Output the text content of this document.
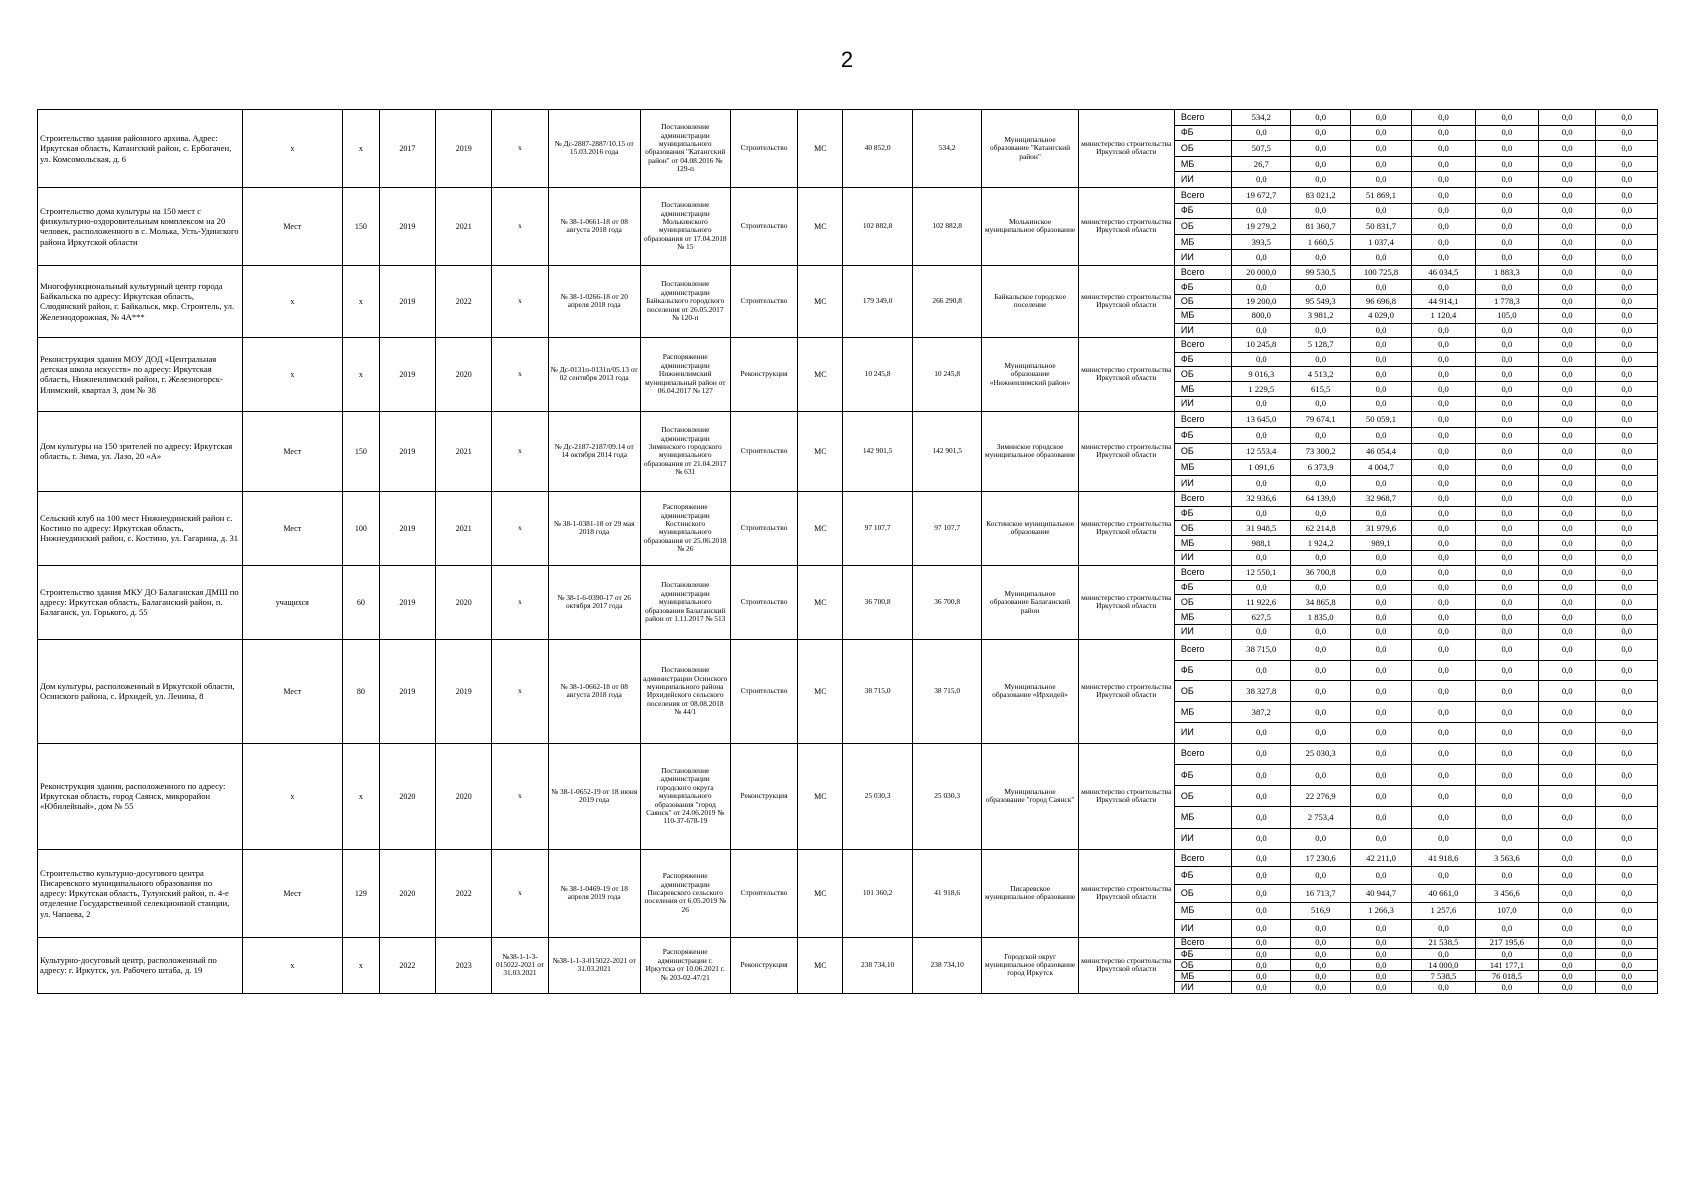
2
Строительство здания районного архива. Адрес: Иркутская область, Катангский район, с. Ербогачен, ул. Комсомольская, д. 6	x	x	2017	2019	x	№ Дс-2887-2887/10.15 от 15.03.2016 года	Постановление администрации муниципального образования "Катангский район" от 04.08.2016 № 129-п	Строительство	МС	40 852,0	534,2	Муниципальное образование "Катангский район"	министерство строительства Иркутской области	Всего	534,2	0,0	0,0	0,0	0,0	0,0	0,0
														ФБ	0,0	0,0	0,0	0,0	0,0	0,0	0,0
														ОБ	507,5	0,0	0,0	0,0	0,0	0,0	0,0
														МБ	26,7	0,0	0,0	0,0	0,0	0,0	0,0
														ИИ	0,0	0,0	0,0	0,0	0,0	0,0	0,0
Строительство дома культуры на 150 мест с физкультурно-оздоровительным комплексом на 20 человек, расположенного в с. Молька, Усть-Удинского района Иркутской области	Мест	150	2019	2021	x	№ 38-1-0661-18 от 08 августа 2018 года	Постановление администрации Молькинского муниципального образования от 17.04.2018 № 15	Строительство	МС	102 882,8	102 882,8	Молькинское муниципальное образование	министерство строительства Иркутской области	Всего	19 672,7	83 021,2	51 869,1	0,0	0,0	0,0	0,0
														ФБ	0,0	0,0	0,0	0,0	0,0	0,0	0,0
														ОБ	19 279,2	81 360,7	50 831,7	0,0	0,0	0,0	0,0
														МБ	393,5	1 660,5	1 037,4	0,0	0,0	0,0	0,0
														ИИ	0,0	0,0	0,0	0,0	0,0	0,0	0,0
Многофункциональный культурный центр города Байкальска по адресу: Иркутская область, Слюдянский район, г. Байкальск, мкр. Строитель, ул. Железнодорожная, № 4А***	x	x	2019	2022	x	№ 38-1-0266-18 от 20 апреля 2018 года	Постановление администрации Байкальского городского поселения от 26.05.2017 № 120-п	Строительство	МС	179 349,0	266 290,8	Байкальское городское поселение	министерство строительства Иркутской области	Всего	20 000,0	99 530,5	100 725,8	46 034,5	1 883,3	0,0	0,0
														ФБ	0,0	0,0	0,0	0,0	0,0	0,0	0,0
														ОБ	19 200,0	95 549,3	96 696,8	44 914,1	1 778,3	0,0	0,0
														МБ	800,0	3 981,2	4 029,0	1 120,4	105,0	0,0	0,0
														ИИ	0,0	0,0	0,0	0,0	0,0	0,0	0,0
Реконструкция здания МОУ ДОД «Центральная детская школа искусств» по адресу: Иркутская область, Нижнеилимский район, г. Железногорск-Илимский, квартал 3, дом № 38	x	x	2019	2020	x	№ Дс-0131п-0131п/05.13 от 02 сентября 2013 года	Распоряжение администрации Нижнеилимский муниципальный район от 06.04.2017 № 127	Реконструкция	МС	10 245,8	10 245,8	Муниципальное образование «Нижнеилимский район»	министерство строительства Иркутской области	Всего	10 245,8	5 128,7	0,0	0,0	0,0	0,0	0,0
														ФБ	0,0	0,0	0,0	0,0	0,0	0,0	0,0
														ОБ	9 016,3	4 513,2	0,0	0,0	0,0	0,0	0,0
														МБ	1 229,5	615,5	0,0	0,0	0,0	0,0	0,0
														ИИ	0,0	0,0	0,0	0,0	0,0	0,0	0,0
Дом культуры на 150 зрителей по адресу: Иркутская область, г. Зима, ул. Лазо, 20 «А»	Мест	150	2019	2021	x	№ Дс-2187-2187/09.14 от 14 октября 2014 года	Постановление администрации Зиминского городского муниципального образования от 21.04.2017 № 631	Строительство	МС	142 901,5	142 901,5	Зиминское городское муниципальное образование	министерство строительства Иркутской области	Всего	13 645,0	79 674,1	50 059,1	0,0	0,0	0,0	0,0
														ФБ	0,0	0,0	0,0	0,0	0,0	0,0	0,0
														ОБ	12 553,4	73 300,2	46 054,4	0,0	0,0	0,0	0,0
														МБ	1 091,6	6 373,9	4 004,7	0,0	0,0	0,0	0,0
														ИИ	0,0	0,0	0,0	0,0	0,0	0,0	0,0
Сельский клуб на 100 мест Нижнеудинский район с. Костино по адресу: Иркутская область, Нижнеудинский район, с. Костино, ул. Гагарина, д. 31	Мест	100	2019	2021	x	№ 38-1-0381-18 от 29 мая 2018 года	Распоряжение администрации Костинского муниципального образования от 25.06.2018 № 26	Строительство	МС	97 107,7	97 107,7	Костинское муниципальное образование	министерство строительства Иркутской области	Всего	32 936,6	64 139,0	32 968,7	0,0	0,0	0,0	0,0
														ФБ	0,0	0,0	0,0	0,0	0,0	0,0	0,0
														ОБ	31 948,5	62 214,8	31 979,6	0,0	0,0	0,0	0,0
														МБ	988,1	1 924,2	989,1	0,0	0,0	0,0	0,0
														ИИ	0,0	0,0	0,0	0,0	0,0	0,0	0,0
Строительство здания МКУ ДО Балаганская ДМШ по адресу: Иркутская область, Балаганский район, п. Балаганск, ул. Горького, д. 55	учащихся	60	2019	2020	x	№ 38-1-6-0390-17 от 26 октября 2017 года	Постановление администрации муниципального образования Балаганский район от 1.11.2017 № 513	Строительство	МС	36 700,8	36 700,8	Муниципальное образование Балаганский район	министерство строительства Иркутской области	Всего	12 550,1	36 700,8	0,0	0,0	0,0	0,0	0,0
														ФБ	0,0	0,0	0,0	0,0	0,0	0,0	0,0
														ОБ	11 922,6	34 865,8	0,0	0,0	0,0	0,0	0,0
														МБ	627,5	1 835,0	0,0	0,0	0,0	0,0	0,0
														ИИ	0,0	0,0	0,0	0,0	0,0	0,0	0,0
Дом культуры, расположенный в Иркутской области, Осинского района, с. Ирхидей, ул. Ленина, 8	Мест	80	2019	2019	x	№ 38-1-0662-18 от 08 августа 2018 года	Постановление администрации Осинского муниципального района Ирхидейского сельского поселения от 08.08.2018 № 44/1	Строительство	МС	38 715,0	38 715,0	Муниципальное образование «Ирхидей»	министерство строительства Иркутской области	Всего	38 715,0	0,0	0,0	0,0	0,0	0,0	0,0
														ФБ	0,0	0,0	0,0	0,0	0,0	0,0	0,0
														ОБ	38 327,8	0,0	0,0	0,0	0,0	0,0	0,0
														МБ	387,2	0,0	0,0	0,0	0,0	0,0	0,0
														ИИ	0,0	0,0	0,0	0,0	0,0	0,0	0,0
Реконструкция здания, расположенного по адресу: Иркутская область, город Саянск, микрорайон «Юбилейный», дом № 55	x	x	2020	2020	x	№ 38-1-0652-19 от 18 июня 2019 года	Постановление администрации городского округа муниципального образования "город Саянск" от 24.06.2019 № 110-37-678-19	Реконструкция	МС	25 030,3	25 030,3	Муниципальное образование "город Саянск"	министерство строительства Иркутской области	Всего	0,0	25 030,3	0,0	0,0	0,0	0,0	0,0
														ФБ	0,0	0,0	0,0	0,0	0,0	0,0	0,0
														ОБ	0,0	22 276,9	0,0	0,0	0,0	0,0	0,0
														МБ	0,0	2 753,4	0,0	0,0	0,0	0,0	0,0
														ИИ	0,0	0,0	0,0	0,0	0,0	0,0	0,0
Строительство культурно-досугового центра Писаревского муниципального образования по адресу: Иркутская область, Тулунский район, п. 4-е отделение Государственной селекционной станции, ул. Чапаева, 2	Мест	129	2020	2022	x	№ 38-1-0469-19 от 18 апреля 2019 года	Распоряжение администрации Писаревского сельского поселения от 6.05.2019 № 26	Строительство	МС	101 360,2	41 918,6	Писаревское муниципальное образование	министерство строительства Иркутской области	Всего	0,0	17 230,6	42 211,0	41 918,6	3 563,6	0,0	0,0
														ФБ	0,0	0,0	0,0	0,0	0,0	0,0	0,0
														ОБ	0,0	16 713,7	40 944,7	40 661,0	3 456,6	0,0	0,0
														МБ	0,0	516,9	1 266,3	1 257,6	107,0	0,0	0,0
														ИИ	0,0	0,0	0,0	0,0	0,0	0,0	0,0
Культурно-досуговый центр, расположенный по адресу: г. Иркутск, ул. Рабочего штаба, д. 19	x	x	2022	2023	№38-1-1-3-015022-2021 от 31.03.2021	№38-1-1-3-015022-2021 от 31.03.2021	Распоряжение администрации г. Иркутска от 10.06.2021 г. № 203-02-47/21	Реконструкция	МС	238 734,10	238 734,10	Городской округ муниципальное образование город Иркутск	министерство строительства Иркутской области	Всего	0,0	0,0	0,0	21 538,5	217 195,6	0,0	0,0
														ФБ	0,0	0,0	0,0	0,0	0,0	0,0	0,0
														ОБ	0,0	0,0	0,0	14 000,0	141 177,1	0,0	0,0
														МБ	0,0	0,0	0,0	7 538,5	76 018,5	0,0	0,0
														ИИ	0,0	0,0	0,0	0,0	0,0	0,0	0,0
